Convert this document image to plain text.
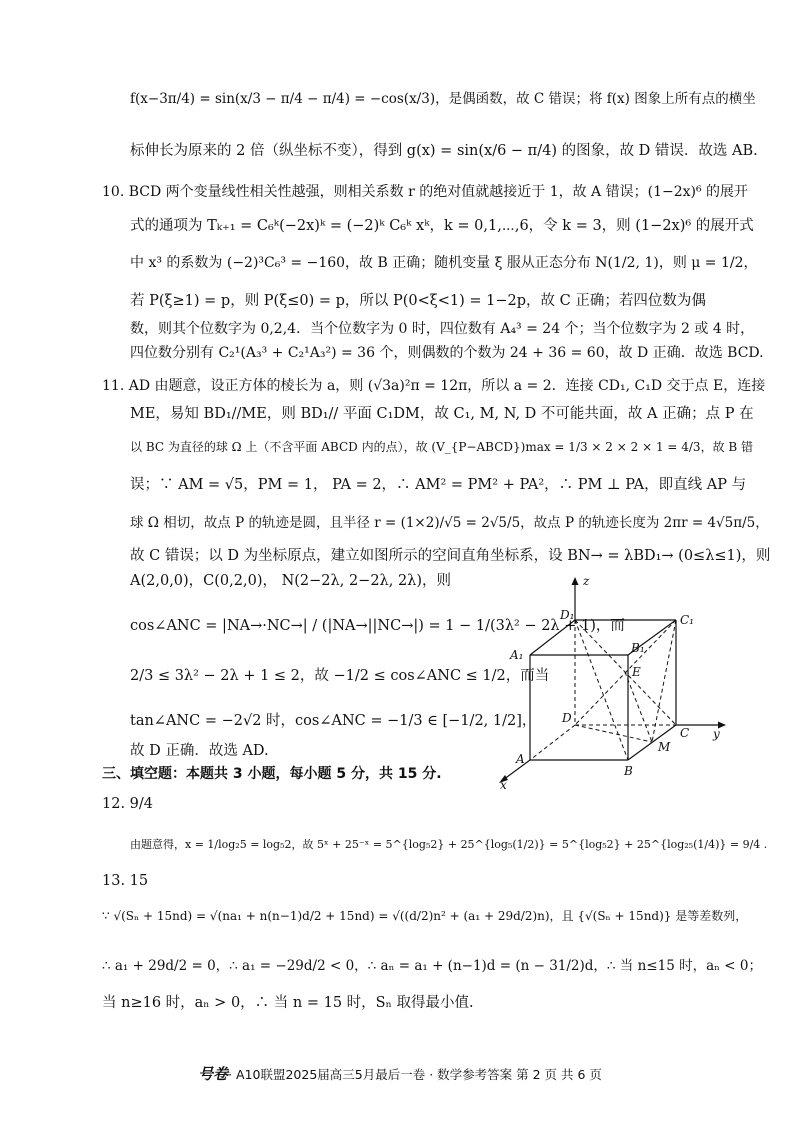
f(x−3π/4) = sin(x/3 − π/4 − π/4) = −cos(x/3)，是偶函数，故 C 错误；将 f(x) 图象上所有点的横坐
标伸长为原来的 2 倍（纵坐标不变），得到 g(x) = sin(x/6 − π/4) 的图象，故 D 错误．故选 AB.
10. BCD 两个变量线性相关性越强，则相关系数 r 的绝对值就越接近于 1，故 A 错误；(1−2x)⁶ 的展开
式的通项为 Tₖ₊₁ = C₆ᵏ(−2x)ᵏ = (−2)ᵏ C₆ᵏ xᵏ，k = 0,1,⋯,6，令 k = 3，则 (1−2x)⁶ 的展开式
中 x³ 的系数为 (−2)³C₆³ = −160，故 B 正确；随机变量 ξ 服从正态分布 N(1/2, 1)，则 μ = 1/2，
若 P(ξ≥1) = p，则 P(ξ≤0) = p，所以 P(0<ξ<1) = 1−2p，故 C 正确；若四位数为偶
数，则其个位数字为 0,2,4．当个位数字为 0 时，四位数有 A₄³ = 24 个；当个位数字为 2 或 4 时，
四位数分别有 C₂¹(A₃³ + C₂¹A₃²) = 36 个，则偶数的个数为 24 + 36 = 60，故 D 正确．故选 BCD.
11. AD 由题意，设正方体的棱长为 a，则 (√3a)²π = 12π，所以 a = 2．连接 CD₁, C₁D 交于点 E，连接
ME，易知 BD₁//ME，则 BD₁// 平面 C₁DM，故 C₁, M, N, D 不可能共面，故 A 正确；点 P 在
以 BC 为直径的球 Ω 上（不含平面 ABCD 内的点），故 (V_{P−ABCD})max = 1/3 × 2 × 2 × 1 = 4/3，故 B 错
误；∵ AM = √5，PM = 1， PA = 2，∴ AM² = PM² + PA²，∴ PM ⊥ PA，即直线 AP 与
球 Ω 相切，故点 P 的轨迹是圆，且半径 r = (1×2)/√5 = 2√5/5，故点 P 的轨迹长度为 2πr = 4√5π/5，
故 C 错误；以 D 为坐标原点，建立如图所示的空间直角坐标系，设 BN→ = λBD₁→ (0≤λ≤1)，则
A(2,0,0)，C(0,2,0)， N(2−2λ, 2−2λ, 2λ)，则
cos∠ANC = |NA→·NC→| / (|NA→||NC→|) = 1 − 1/(3λ² − 2λ + 1)，而
2/3 ≤ 3λ² − 2λ + 1 ≤ 2，故 −1/2 ≤ cos∠ANC ≤ 1/2，而当
tan∠ANC = −2√2 时，cos∠ANC = −1/3 ∈ [−1/2, 1/2]，
故 D 正确．故选 AD.
三、填空题：本题共 3 小题，每小题 5 分，共 15 分.
12. 9/4
由题意得，x = 1/log₂5 = log₅2，故 5ˣ + 25⁻ˣ = 5^{log₅2} + 25^{log₅(1/2)} = 5^{log₅2} + 25^{log₂₅(1/4)} = 9/4 .
13. 15
∵ √(Sₙ + 15nd) = √(na₁ + n(n−1)d/2 + 15nd) = √((d/2)n² + (a₁ + 29d/2)n)，且 {√(Sₙ + 15nd)} 是等差数列，
∴ a₁ + 29d/2 = 0，∴ a₁ = −29d/2 < 0，∴ aₙ = a₁ + (n−1)d = (n − 31/2)d，∴ 当 n≤15 时，aₙ < 0；
当 n≥16 时，aₙ > 0，∴ 当 n = 15 时，Sₙ 取得最小值.
z
y
x
D₁	C₁
A₁	B₁
E
D
C
A
M
B
号卷· A10联盟2025届高三5月最后一卷 · 数学参考答案 第 2 页 共 6 页
